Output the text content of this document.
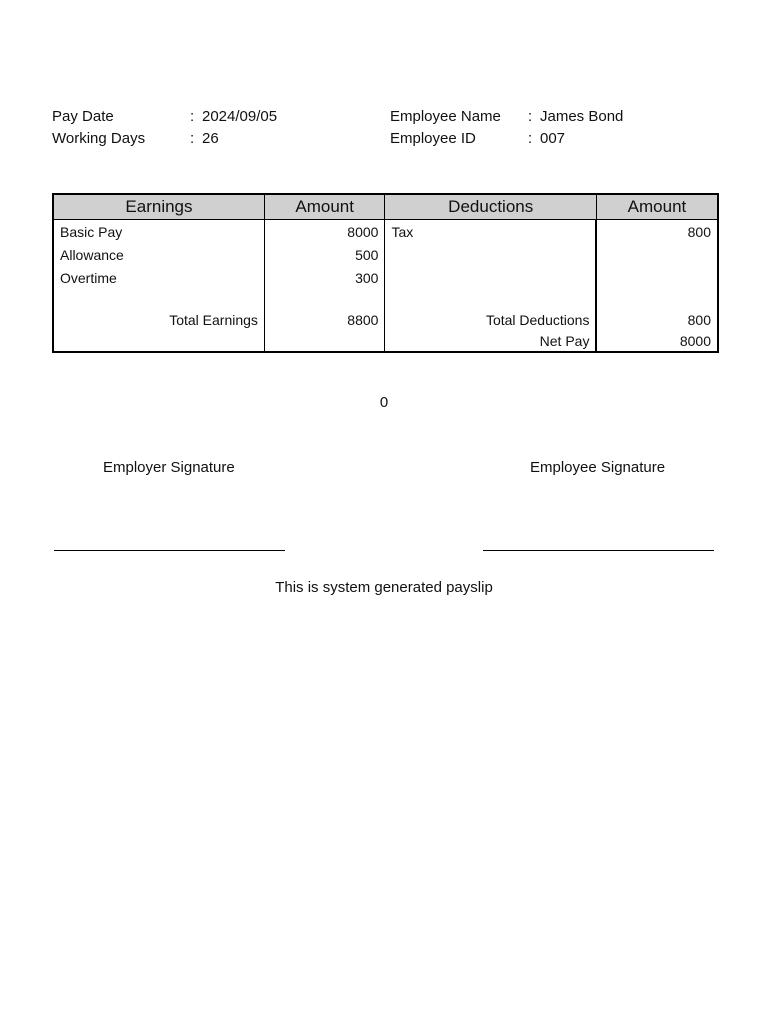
Pay Date	: 2024/09/05
Working Days	: 26
Employee Name	: James Bond
Employee ID	: 007
Earnings	Amount	Deductions	Amount
Basic Pay	8000	Tax	800
Allowance	500		
Overtime	300		

Total Earnings	8800	Total Deductions	800
		Net Pay	8000
0
Employer Signature	Employee Signature
This is system generated payslip
